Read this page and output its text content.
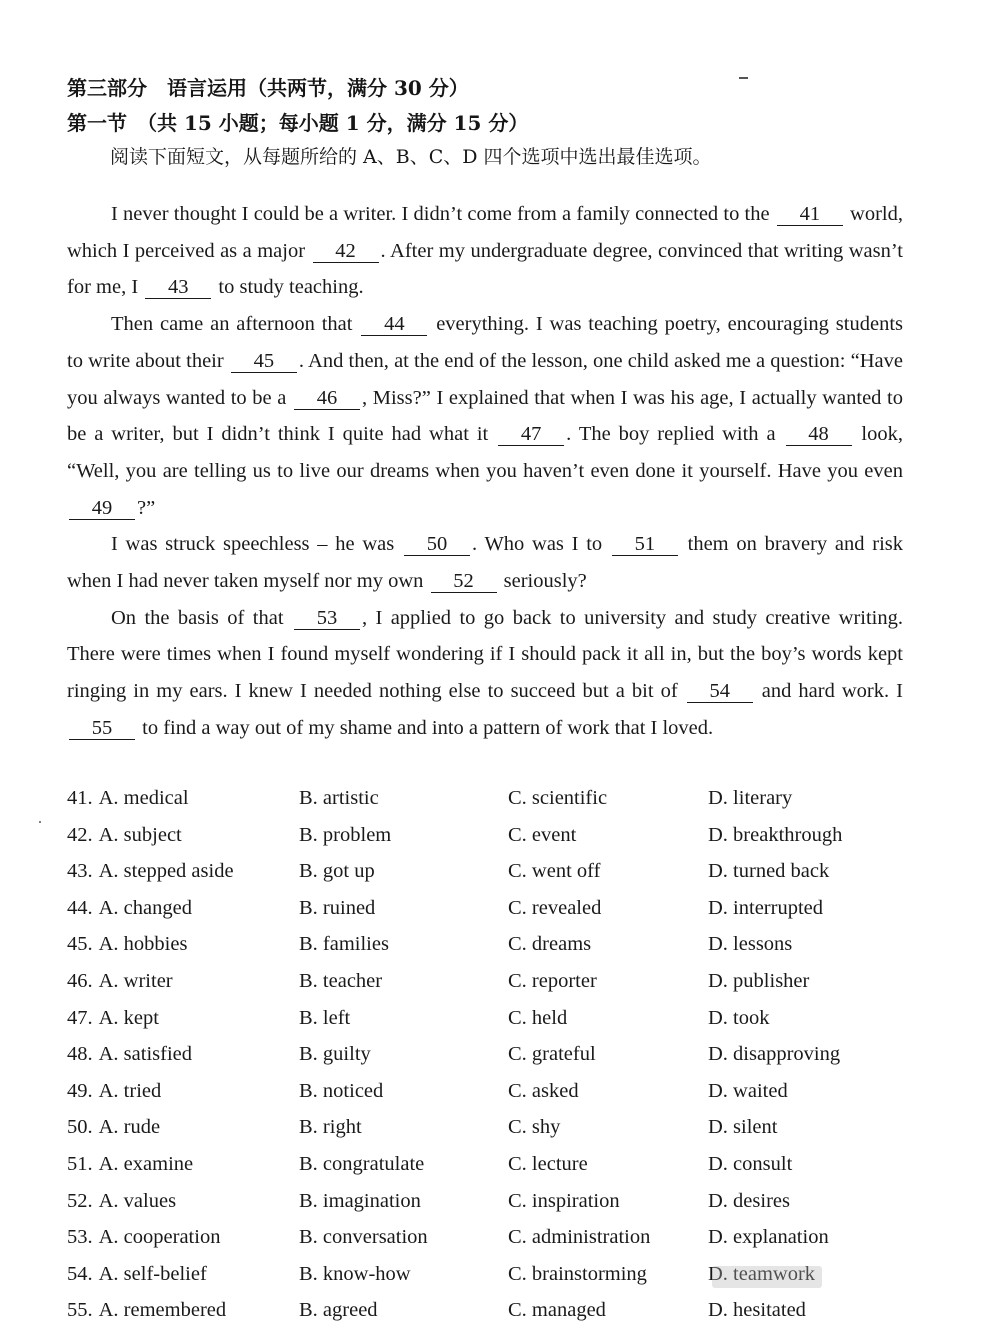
第三部分　语言运用（共两节，满分 30 分）
第一节　（共 15 小题；每小题 1 分，满分 15 分）
阅读下面短文，从每题所给的 A、B、C、D 四个选项中选出最佳选项。

I never thought I could be a writer. I didn’t come from a family connected to the 41 world, which I perceived as a major 42 . After my undergraduate degree, convinced that writing wasn’t for me, I 43 to study teaching.

Then came an afternoon that 44 everything. I was teaching poetry, encouraging students to write about their 45 . And then, at the end of the lesson, one child asked me a question: “Have you always wanted to be a 46 , Miss?” I explained that when I was his age, I actually wanted to be a writer, but I didn’t think I quite had what it 47 . The boy replied with a 48 look, “Well, you are telling us to live our dreams when you haven’t even done it yourself. Have you even 49 ?”

I was struck speechless – he was 50 . Who was I to 51 them on bravery and risk when I had never taken myself nor my own 52 seriously?

On the basis of that 53 , I applied to go back to university and study creative writing. There were times when I found myself wondering if I should pack it all in, but the boy’s words kept ringing in my ears. I knew I needed nothing else to succeed but a bit of 54 and hard work. I 55 to find a way out of my shame and into a pattern of work that I loved.

41. A. medical	B. artistic	C. scientific	D. literary
42. A. subject	B. problem	C. event	D. breakthrough
43. A. stepped aside	B. got up	C. went off	D. turned back
44. A. changed	B. ruined	C. revealed	D. interrupted
45. A. hobbies	B. families	C. dreams	D. lessons
46. A. writer	B. teacher	C. reporter	D. publisher
47. A. kept	B. left	C. held	D. took
48. A. satisfied	B. guilty	C. grateful	D. disapproving
49. A. tried	B. noticed	C. asked	D. waited
50. A. rude	B. right	C. shy	D. silent
51. A. examine	B. congratulate	C. lecture	D. consult
52. A. values	B. imagination	C. inspiration	D. desires
53. A. cooperation	B. conversation	C. administration	D. explanation
54. A. self-belief	B. know-how	C. brainstorming	D. teamwork
55. A. remembered	B. agreed	C. managed	D. hesitated
